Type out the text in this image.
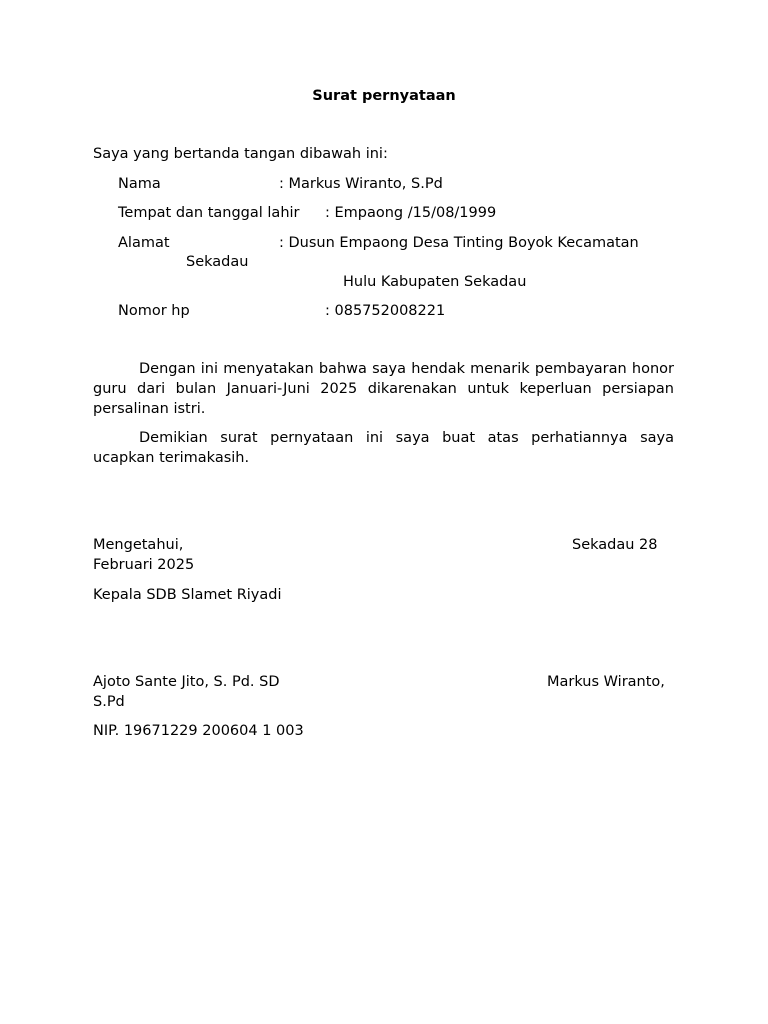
Surat pernyataan
Saya yang bertanda tangan dibawah ini:
Nama	: Markus Wiranto, S.Pd
Tempat dan tanggal lahir : Empaong /15/08/1999
Alamat	: Dusun Empaong Desa Tinting Boyok Kecamatan
Sekadau
Hulu Kabupaten Sekadau
Nomor hp	: 085752008221
Dengan ini menyatakan bahwa saya hendak menarik pembayaran honor guru dari bulan Januari-Juni 2025 dikarenakan untuk keperluan persiapan persalinan istri.
Demikian surat pernyataan ini saya buat atas perhatiannya saya ucapkan terimakasih.
Mengetahui,	Sekadau 28
Februari 2025
Kepala SDB Slamet Riyadi
Ajoto Sante Jito, S. Pd. SD	Markus Wiranto,
S.Pd
NIP. 19671229 200604 1 003
